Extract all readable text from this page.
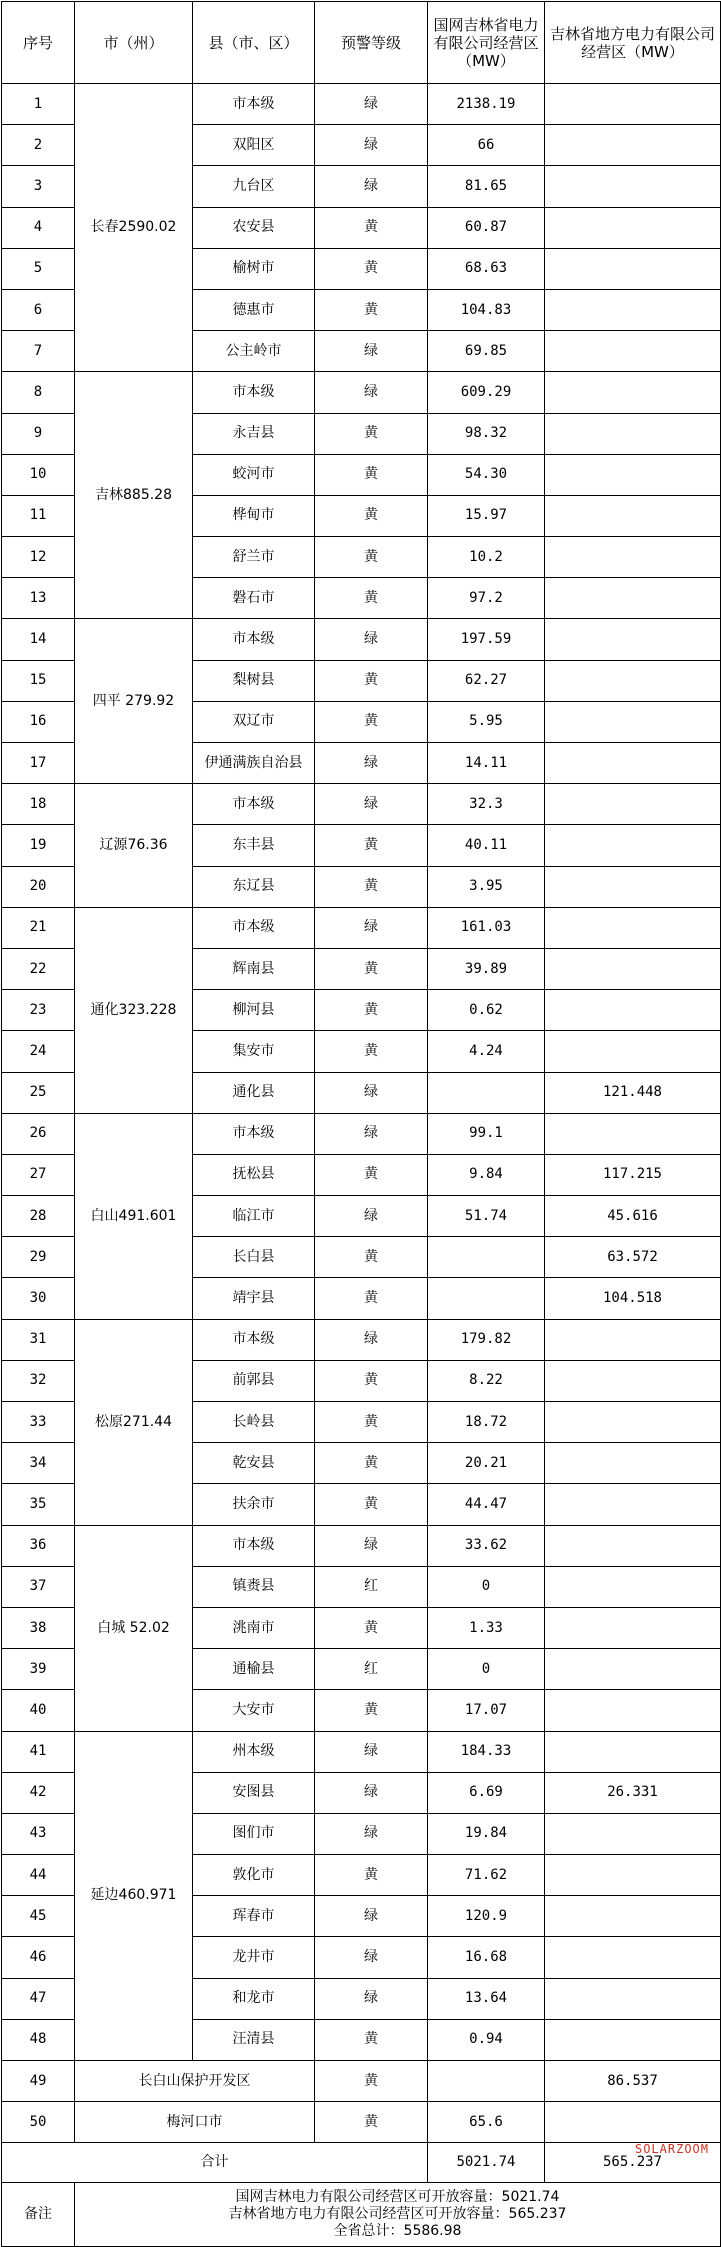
序号	市（州）	县（市、区）	预警等级	国网吉林省电力有限公司经营区（MW）	吉林省地方电力有限公司经营区（MW）
1	长春2590.02	市本级	绿	2138.19	
2		双阳区	绿	66	
3		九台区	绿	81.65	
4		农安县	黄	60.87	
5		榆树市	黄	68.63	
6		德惠市	黄	104.83	
7		公主岭市	绿	69.85	
8	吉林885.28	市本级	绿	609.29	
9		永吉县	黄	98.32	
10		蛟河市	黄	54.30	
11		桦甸市	黄	15.97	
12		舒兰市	黄	10.2	
13		磐石市	黄	97.2	
14	四平 279.92	市本级	绿	197.59	
15		梨树县	黄	62.27	
16		双辽市	黄	5.95	
17		伊通满族自治县	绿	14.11	
18	辽源76.36	市本级	绿	32.3	
19		东丰县	黄	40.11	
20		东辽县	黄	3.95	
21	通化323.228	市本级	绿	161.03	
22		辉南县	黄	39.89	
23		柳河县	黄	0.62	
24		集安市	黄	4.24	
25		通化县	绿		121.448
26	白山491.601	市本级	绿	99.1	
27		抚松县	黄	9.84	117.215
28		临江市	绿	51.74	45.616
29		长白县	黄		63.572
30		靖宇县	黄		104.518
31	松原271.44	市本级	绿	179.82	
32		前郭县	黄	8.22	
33		长岭县	黄	18.72	
34		乾安县	黄	20.21	
35		扶余市	黄	44.47	
36	白城 52.02	市本级	绿	33.62	
37		镇赉县	红	0	
38		洮南市	黄	1.33	
39		通榆县	红	0	
40		大安市	黄	17.07	
41	延边460.971	州本级	绿	184.33	
42		安图县	绿	6.69	26.331
43		图们市	绿	19.84	
44		敦化市	黄	71.62	
45		珲春市	绿	120.9	
46		龙井市	绿	16.68	
47		和龙市	绿	13.64	
48		汪清县	黄	0.94	
49	长白山保护开发区		黄		86.537
50	梅河口市		黄	65.6	
合计				5021.74	565.237
备注	国网吉林电力有限公司经营区可开放容量：5021.74
吉林省地方电力有限公司经营区可开放容量：565.237
全省总计：5586.98				
SOLARZOOM
